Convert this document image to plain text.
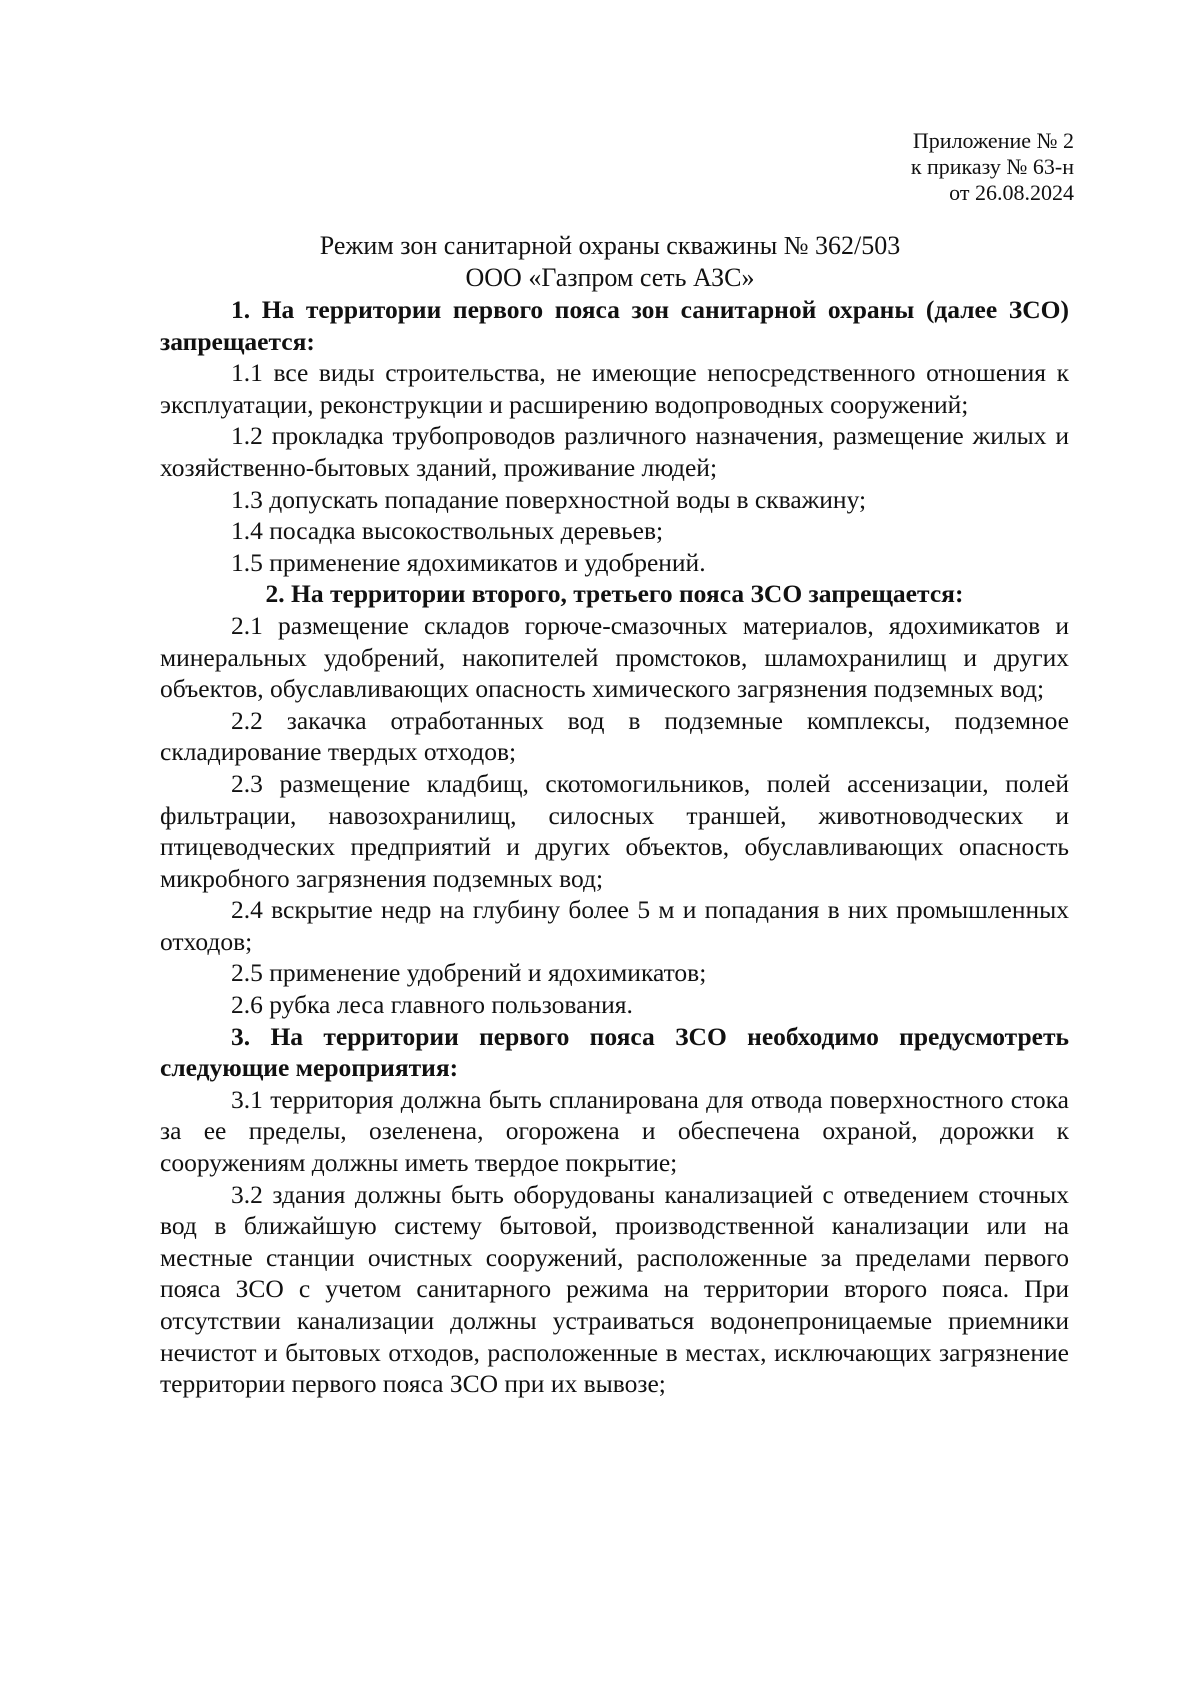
Приложение № 2
к приказу № 63-н
от 26.08.2024
Режим зон санитарной охраны скважины № 362/503
ООО «Газпром сеть АЗС»

1. На территории первого пояса зон санитарной охраны (далее ЗСО) запрещается:

1.1 все виды строительства, не имеющие непосредственного отношения к эксплуатации, реконструкции и расширению водопроводных сооружений;

1.2 прокладка трубопроводов различного назначения, размещение жилых и хозяйственно-бытовых зданий, проживание людей;

1.3 допускать попадание поверхностной воды в скважину;

1.4 посадка высокоствольных деревьев;

1.5 применение ядохимикатов и удобрений.

2. На территории второго, третьего пояса ЗСО запрещается:

2.1 размещение складов горюче-смазочных материалов, ядохимикатов и минеральных удобрений, накопителей промстоков, шламохранилищ и других объектов, обуславливающих опасность химического загрязнения подземных вод;

2.2 закачка отработанных вод в подземные комплексы, подземное складирование твердых отходов;

2.3 размещение кладбищ, скотомогильников, полей ассенизации, полей фильтрации, навозохранилищ, силосных траншей, животноводческих и птицеводческих предприятий и других объектов, обуславливающих опасность микробного загрязнения подземных вод;

2.4 вскрытие недр на глубину более 5 м и попадания в них промышленных отходов;

2.5 применение удобрений и ядохимикатов;

2.6 рубка леса главного пользования.

3. На территории первого пояса ЗСО необходимо предусмотреть следующие мероприятия:

3.1 территория должна быть спланирована для отвода поверхностного стока за ее пределы, озеленена, огорожена и обеспечена охраной, дорожки к сооружениям должны иметь твердое покрытие;

3.2 здания должны быть оборудованы канализацией с отведением сточных вод в ближайшую систему бытовой, производственной канализации или на местные станции очистных сооружений, расположенные за пределами первого пояса ЗСО с учетом санитарного режима на территории второго пояса. При отсутствии канализации должны устраиваться водонепроницаемые приемники нечистот и бытовых отходов, расположенные в местах, исключающих загрязнение территории первого пояса ЗСО при их вывозе;
